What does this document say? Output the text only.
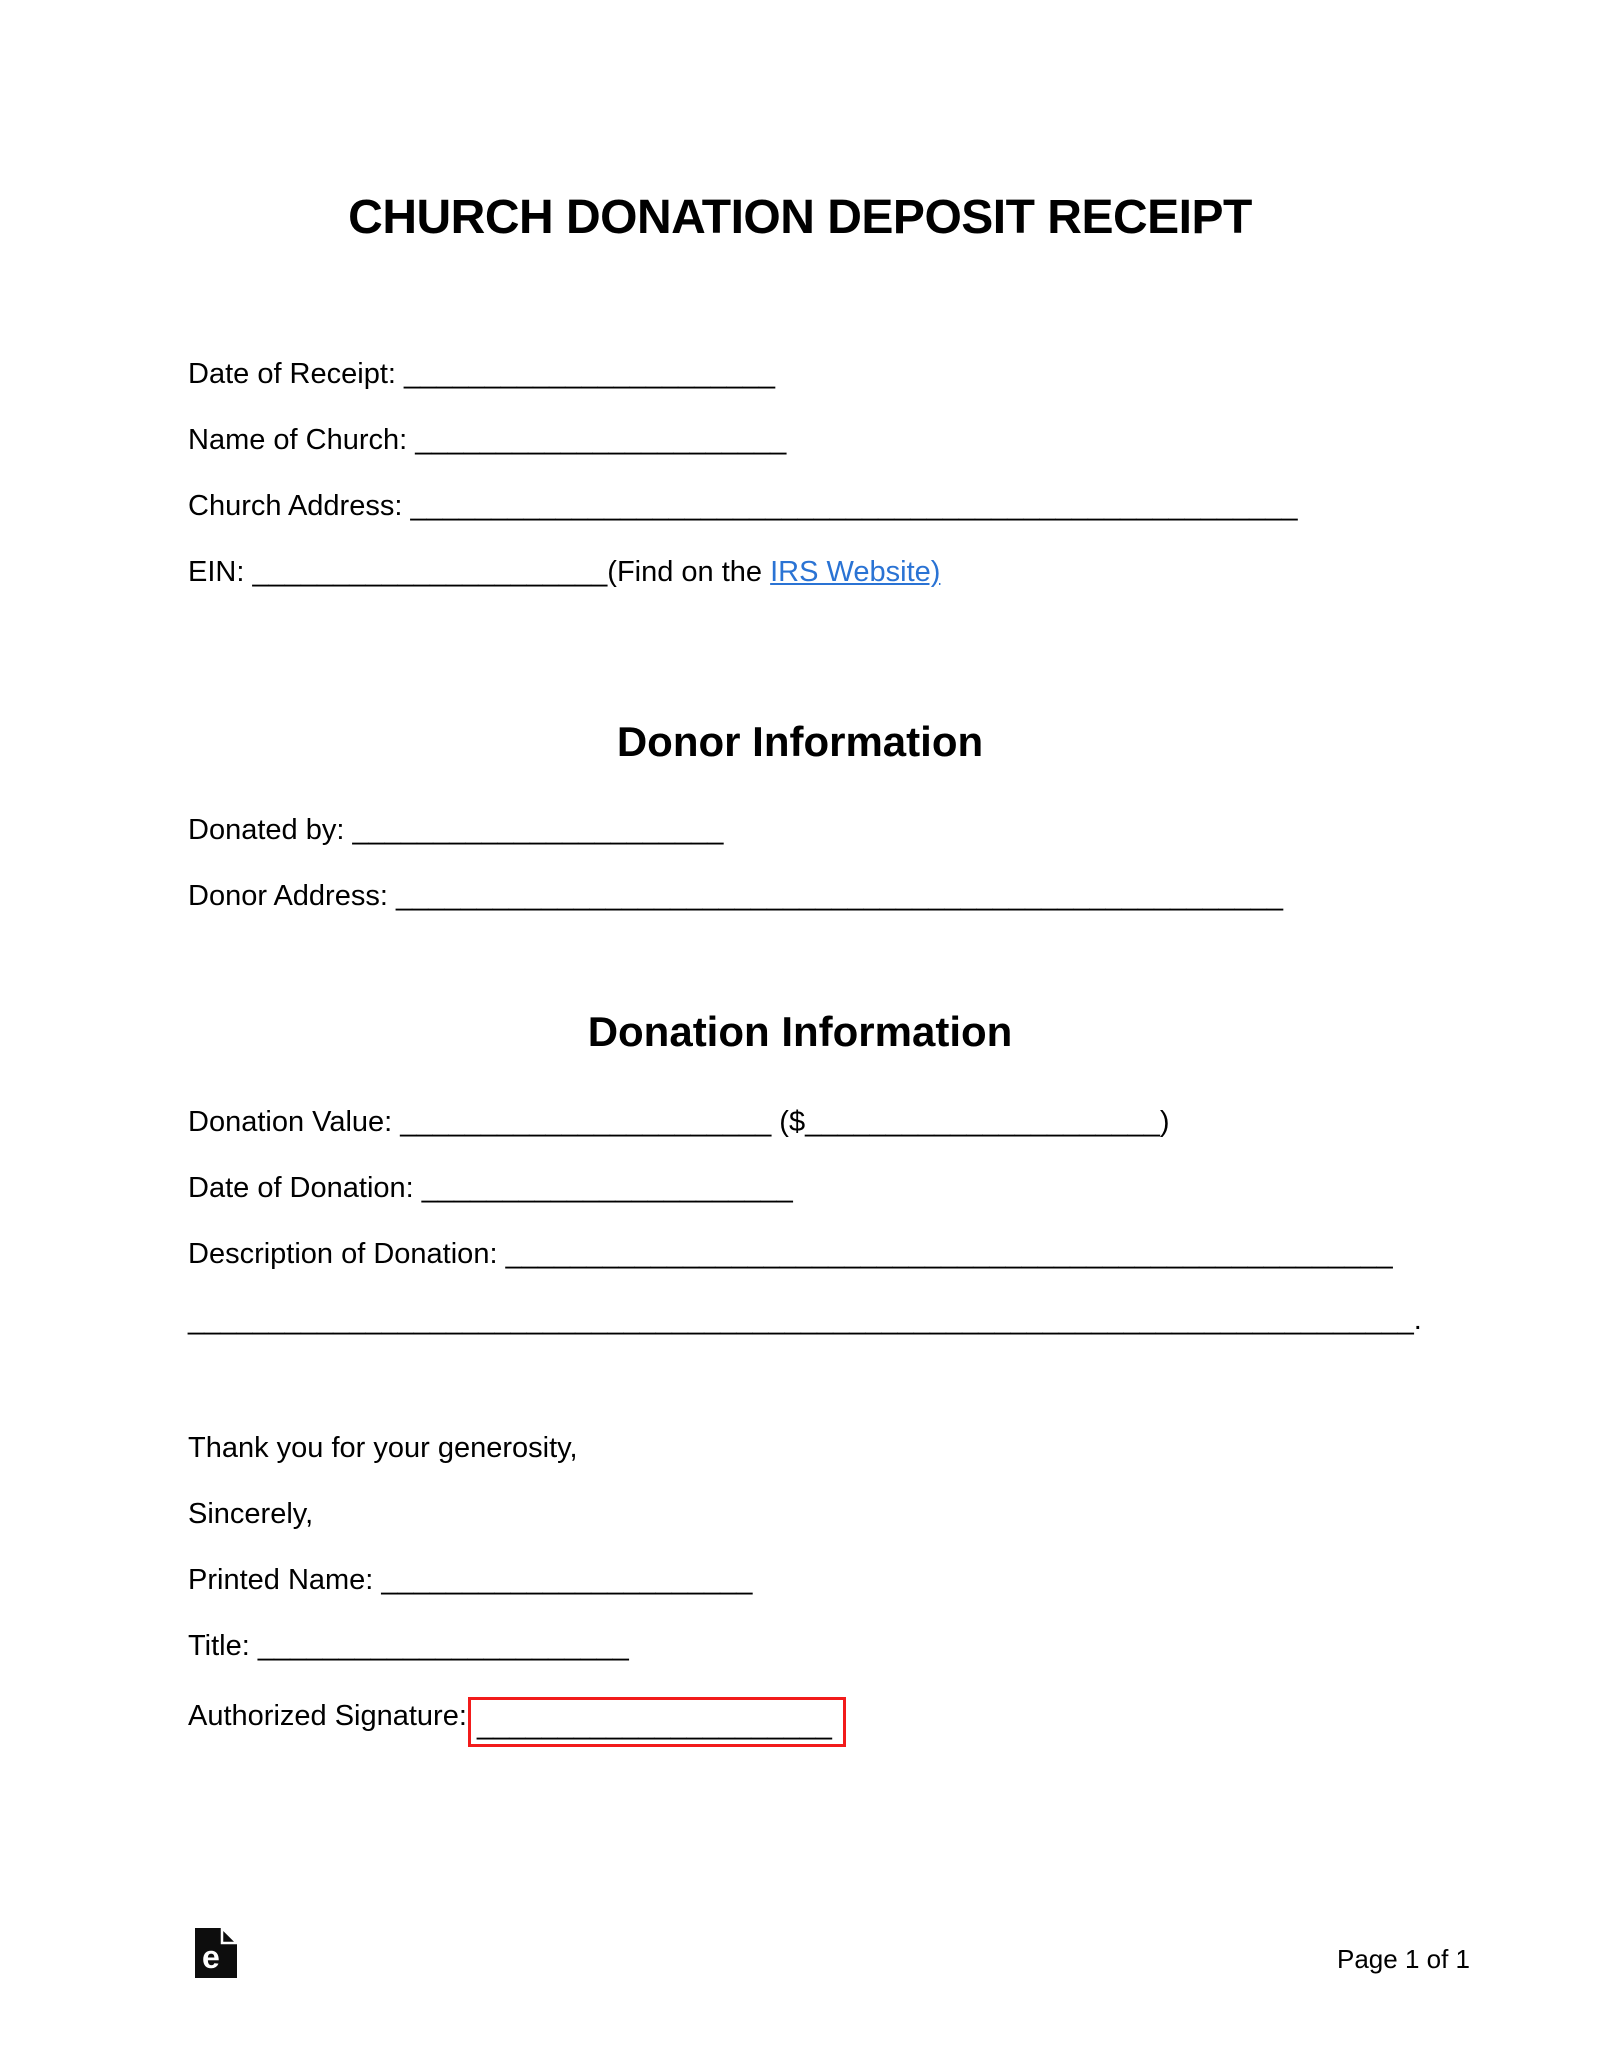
CHURCH DONATION DEPOSIT RECEIPT
Date of Receipt: _______________________
Name of Church: _______________________
Church Address: _______________________________________________________
EIN: ______________________(Find on the IRS Website)
Donor Information
Donated by: _______________________
Donor Address: _______________________________________________________
Donation Information
Donation Value: _______________________ ($______________________)
Date of Donation: _______________________
Description of Donation: _______________________________________________________
____________________________________________________________________________.
Thank you for your generosity,
Sincerely,
Printed Name: _______________________
Title: _______________________
Authorized Signature: ______________________
e	Page 1 of 1
